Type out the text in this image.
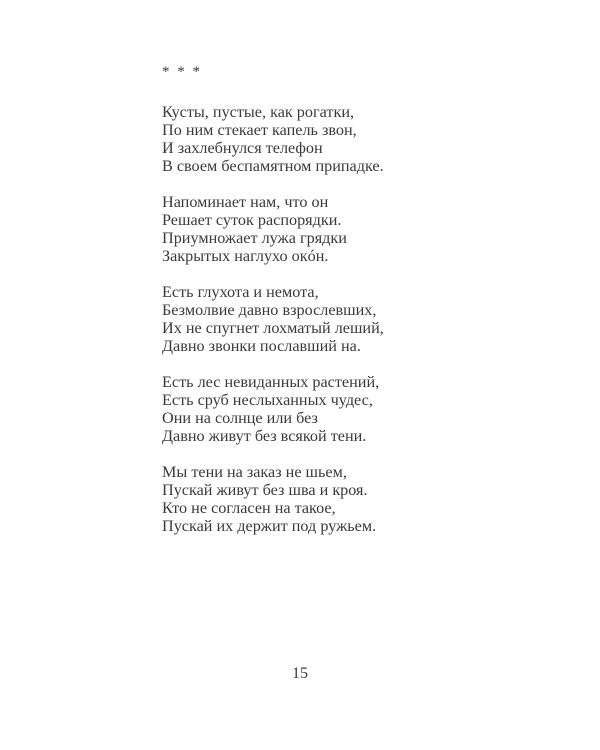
* * *
Кусты, пустые, как рогатки,
По ним стекает капель звон,
И захлебнулся телефон
В своем беспамятном припадке.
Напоминает нам, что он
Решает суток распорядки.
Приумножает лужа грядки
Закрытых наглухо окóн.
Есть глухота и немота,
Безмолвие давно взрослевших,
Их не спугнет лохматый леший,
Давно звонки пославший на.
Есть лес невиданных растений,
Есть сруб неслыханных чудес,
Они на солнце или без
Давно живут без всякой тени.
Мы тени на заказ не шьем,
Пускай живут без шва и кроя.
Кто не согласен на такое,
Пускай их держит под ружьем.
15
